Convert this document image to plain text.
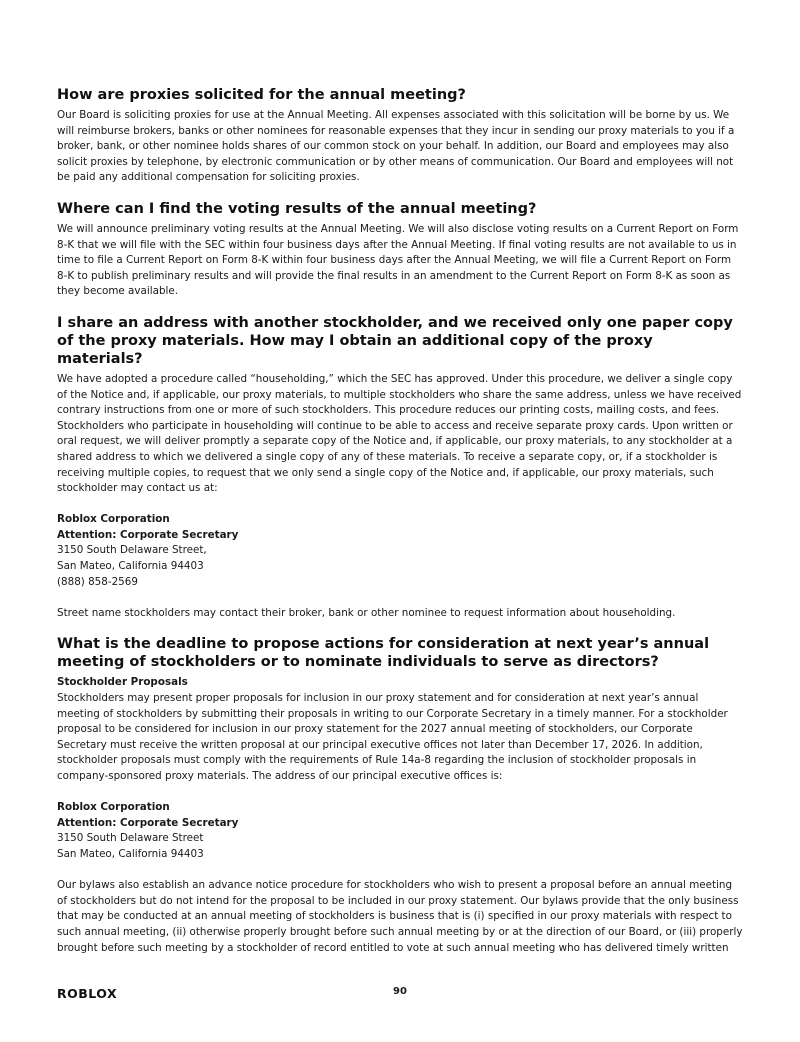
How are proxies solicited for the annual meeting?

Our Board is soliciting proxies for use at the Annual Meeting. All expenses associated with this solicitation will be borne by us. We will reimburse brokers, banks or other nominees for reasonable expenses that they incur in sending our proxy materials to you if a broker, bank, or other nominee holds shares of our common stock on your behalf. In addition, our Board and employees may also solicit proxies by telephone, by electronic communication or by other means of communication. Our Board and employees will not be paid any additional compensation for soliciting proxies.

Where can I find the voting results of the annual meeting?

We will announce preliminary voting results at the Annual Meeting. We will also disclose voting results on a Current Report on Form 8-K that we will file with the SEC within four business days after the Annual Meeting. If final voting results are not available to us in time to file a Current Report on Form 8-K within four business days after the Annual Meeting, we will file a Current Report on Form 8-K to publish preliminary results and will provide the final results in an amendment to the Current Report on Form 8-K as soon as they become available.

I share an address with another stockholder, and we received only one paper copy of the proxy materials. How may I obtain an additional copy of the proxy materials?

We have adopted a procedure called “householding,” which the SEC has approved. Under this procedure, we deliver a single copy of the Notice and, if applicable, our proxy materials, to multiple stockholders who share the same address, unless we have received contrary instructions from one or more of such stockholders. This procedure reduces our printing costs, mailing costs, and fees. Stockholders who participate in householding will continue to be able to access and receive separate proxy cards. Upon written or oral request, we will deliver promptly a separate copy of the Notice and, if applicable, our proxy materials, to any stockholder at a shared address to which we delivered a single copy of any of these materials. To receive a separate copy, or, if a stockholder is receiving multiple copies, to request that we only send a single copy of the Notice and, if applicable, our proxy materials, such stockholder may contact us at:

Roblox Corporation
Attention: Corporate Secretary
3150 South Delaware Street,
San Mateo, California 94403
(888) 858-2569

Street name stockholders may contact their broker, bank or other nominee to request information about householding.

What is the deadline to propose actions for consideration at next year’s annual meeting of stockholders or to nominate individuals to serve as directors?
Stockholder Proposals

Stockholders may present proper proposals for inclusion in our proxy statement and for consideration at next year’s annual meeting of stockholders by submitting their proposals in writing to our Corporate Secretary in a timely manner. For a stockholder proposal to be considered for inclusion in our proxy statement for the 2027 annual meeting of stockholders, our Corporate Secretary must receive the written proposal at our principal executive offices not later than December 17, 2026. In addition, stockholder proposals must comply with the requirements of Rule 14a-8 regarding the inclusion of stockholder proposals in company-sponsored proxy materials. The address of our principal executive offices is:

Roblox Corporation
Attention: Corporate Secretary
3150 South Delaware Street
San Mateo, California 94403

Our bylaws also establish an advance notice procedure for stockholders who wish to present a proposal before an annual meeting of stockholders but do not intend for the proposal to be included in our proxy statement. Our bylaws provide that the only business that may be conducted at an annual meeting of stockholders is business that is (i) specified in our proxy materials with respect to such annual meeting, (ii) otherwise properly brought before such annual meeting by or at the direction of our Board, or (iii) properly brought before such meeting by a stockholder of record entitled to vote at such annual meeting who has delivered timely written

ROBLOX	90
